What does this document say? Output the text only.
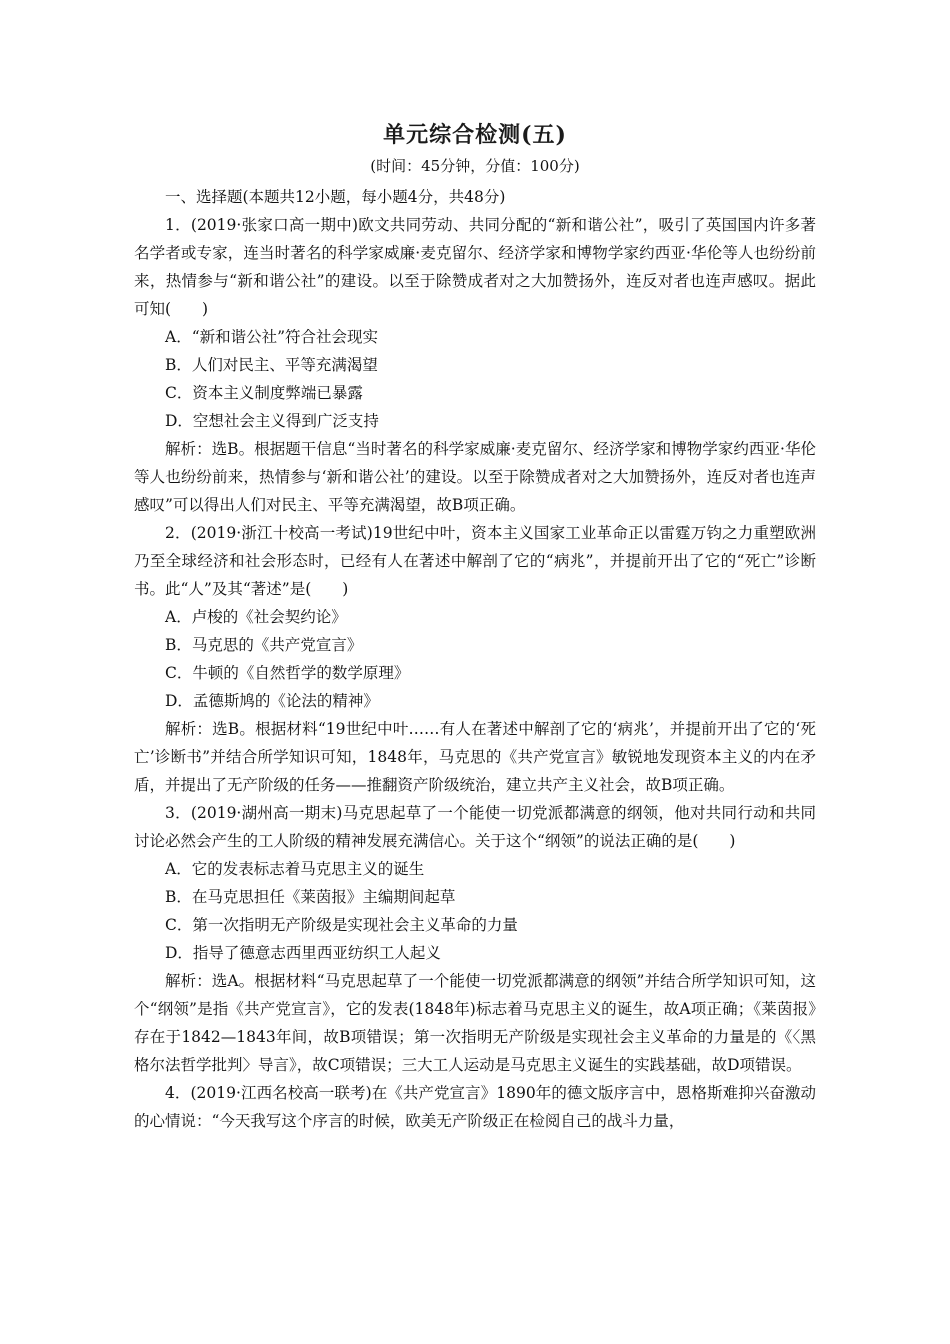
单元综合检测(五)
(时间：45分钟，分值：100分)

一、选择题(本题共12小题，每小题4分，共48分)

1．(2019·张家口高一期中)欧文共同劳动、共同分配的“新和谐公社”，吸引了英国国内许多著名学者或专家，连当时著名的科学家威廉·麦克留尔、经济学家和博物学家约西亚·华伦等人也纷纷前来，热情参与“新和谐公社”的建设。以至于除赞成者对之大加赞扬外，连反对者也连声感叹。据此可知(　　)

A．“新和谐公社”符合社会现实

B．人们对民主、平等充满渴望

C．资本主义制度弊端已暴露

D．空想社会主义得到广泛支持

解析：选B。根据题干信息“当时著名的科学家威廉·麦克留尔、经济学家和博物学家约西亚·华伦等人也纷纷前来，热情参与‘新和谐公社’的建设。以至于除赞成者对之大加赞扬外，连反对者也连声感叹”可以得出人们对民主、平等充满渴望，故B项正确。

2．(2019·浙江十校高一考试)19世纪中叶，资本主义国家工业革命正以雷霆万钧之力重塑欧洲乃至全球经济和社会形态时，已经有人在著述中解剖了它的“病兆”，并提前开出了它的“死亡”诊断书。此“人”及其“著述”是(　　)

A．卢梭的《社会契约论》

B．马克思的《共产党宣言》

C．牛顿的《自然哲学的数学原理》

D．孟德斯鸠的《论法的精神》

解析：选B。根据材料“19世纪中叶……有人在著述中解剖了它的‘病兆’，并提前开出了它的‘死亡’诊断书”并结合所学知识可知，1848年，马克思的《共产党宣言》敏锐地发现资本主义的内在矛盾，并提出了无产阶级的任务——推翻资产阶级统治，建立共产主义社会，故B项正确。

3．(2019·湖州高一期末)马克思起草了一个能使一切党派都满意的纲领，他对共同行动和共同讨论必然会产生的工人阶级的精神发展充满信心。关于这个“纲领”的说法正确的是(　　)

A．它的发表标志着马克思主义的诞生

B．在马克思担任《莱茵报》主编期间起草

C．第一次指明无产阶级是实现社会主义革命的力量

D．指导了德意志西里西亚纺织工人起义

解析：选A。根据材料“马克思起草了一个能使一切党派都满意的纲领”并结合所学知识可知，这个“纲领”是指《共产党宣言》，它的发表(1848年)标志着马克思主义的诞生，故A项正确；《莱茵报》存在于1842—1843年间，故B项错误；第一次指明无产阶级是实现社会主义革命的力量是的《〈黑格尔法哲学批判〉导言》，故C项错误；三大工人运动是马克思主义诞生的实践基础，故D项错误。

4．(2019·江西名校高一联考)在《共产党宣言》1890年的德文版序言中，恩格斯难抑兴奋激动的心情说：“今天我写这个序言的时候，欧美无产阶级正在检阅自己的战斗力量，
